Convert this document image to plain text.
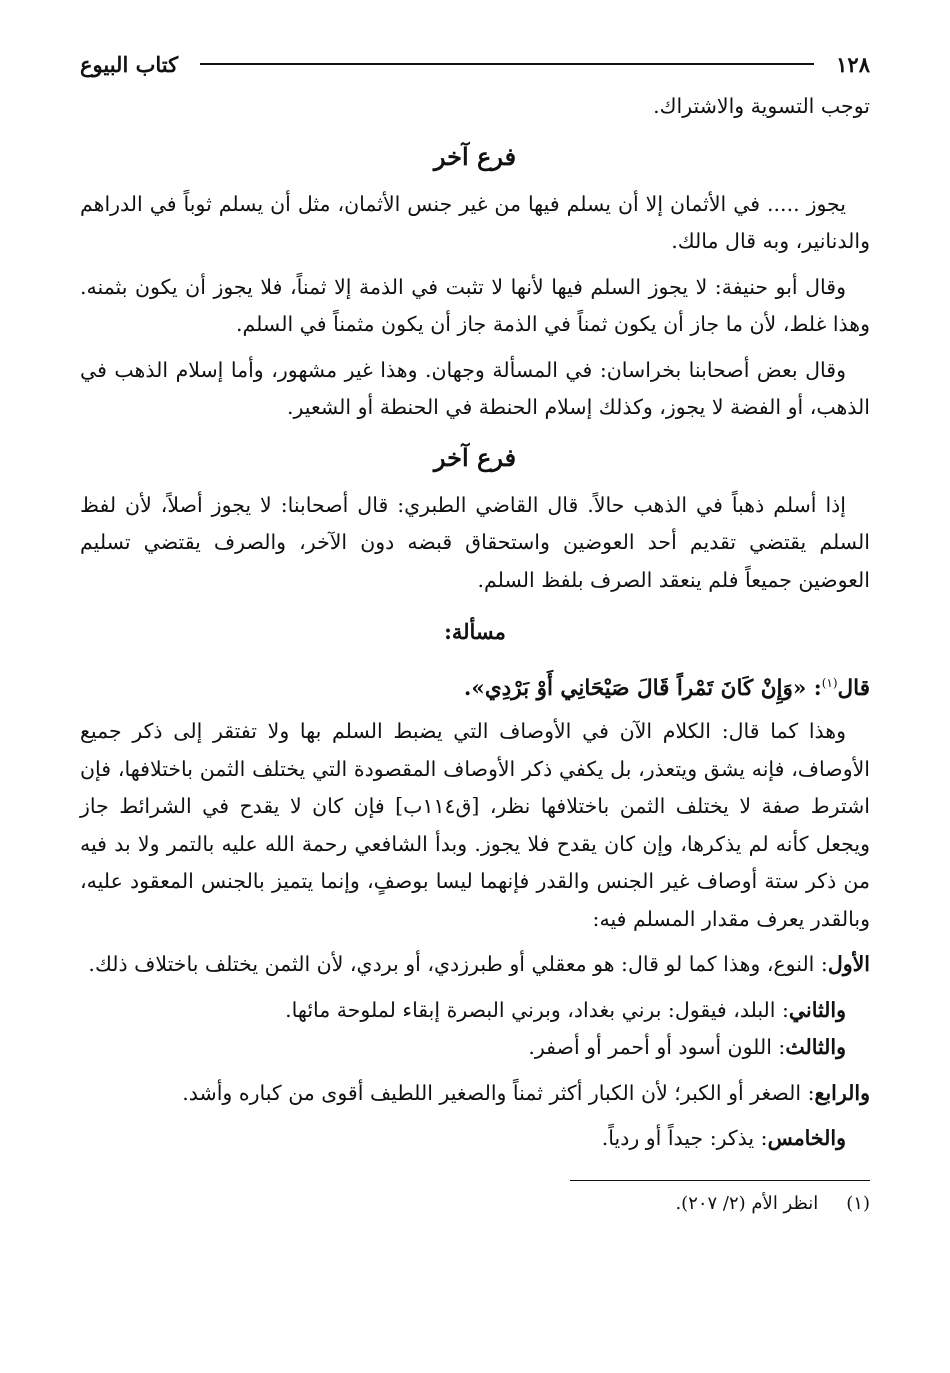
١٢٨
كتاب البيوع

توجب التسوية والاشتراك.

فرع آخر

يجوز ..... في الأثمان إلا أن يسلم فيها من غير جنس الأثمان، مثل أن يسلم ثوباً في الدراهم والدنانير، وبه قال مالك.

وقال أبو حنيفة: لا يجوز السلم فيها لأنها لا تثبت في الذمة إلا ثمناً، فلا يجوز أن يكون بثمنه. وهذا غلط، لأن ما جاز أن يكون ثمناً في الذمة جاز أن يكون مثمناً في السلم.

وقال بعض أصحابنا بخراسان: في المسألة وجهان. وهذا غير مشهور، وأما إسلام الذهب في الذهب، أو الفضة لا يجوز، وكذلك إسلام الحنطة في الحنطة أو الشعير.

فرع آخر

إذا أسلم ذهباً في الذهب حالاً. قال القاضي الطبري: قال أصحابنا: لا يجوز أصلاً، لأن لفظ السلم يقتضي تقديم أحد العوضين واستحقاق قبضه دون الآخر، والصرف يقتضي تسليم العوضين جميعاً فلم ينعقد الصرف بلفظ السلم.

مسألة:
قال$^{(١)}$: «وَإِنْ كَانَ تَمْراً قَالَ صَيْحَانِي أَوْ بَرْدِي».

وهذا كما قال: الكلام الآن في الأوصاف التي يضبط السلم بها ولا تفتقر إلى ذكر جميع الأوصاف، فإنه يشق ويتعذر، بل يكفي ذكر الأوصاف المقصودة التي يختلف الثمن باختلافها، فإن اشترط صفة لا يختلف الثمن باختلافها نظر، [ق١١٤ب] فإن كان لا يقدح في الشرائط جاز ويجعل كأنه لم يذكرها، وإن كان يقدح فلا يجوز. وبدأ الشافعي رحمة الله عليه بالتمر ولا بد فيه من ذكر ستة أوصاف غير الجنس والقدر فإنهما ليسا بوصفٍ، وإنما يتميز بالجنس المعقود عليه، وبالقدر يعرف مقدار المسلم فيه:

الأول: النوع، وهذا كما لو قال: هو معقلي أو طبرزدي، أو بردي، لأن الثمن يختلف باختلاف ذلك.

والثاني: البلد، فيقول: برني بغداد، وبرني البصرة إبقاء لملوحة مائها.

والثالث: اللون أسود أو أحمر أو أصفر.

والرابع: الصغر أو الكبر؛ لأن الكبار أكثر ثمناً والصغير اللطيف أقوى من كباره وأشد.

والخامس: يذكر: جيداً أو ردياً.

(١)انظر الأم (٢/ ٢٠٧).
